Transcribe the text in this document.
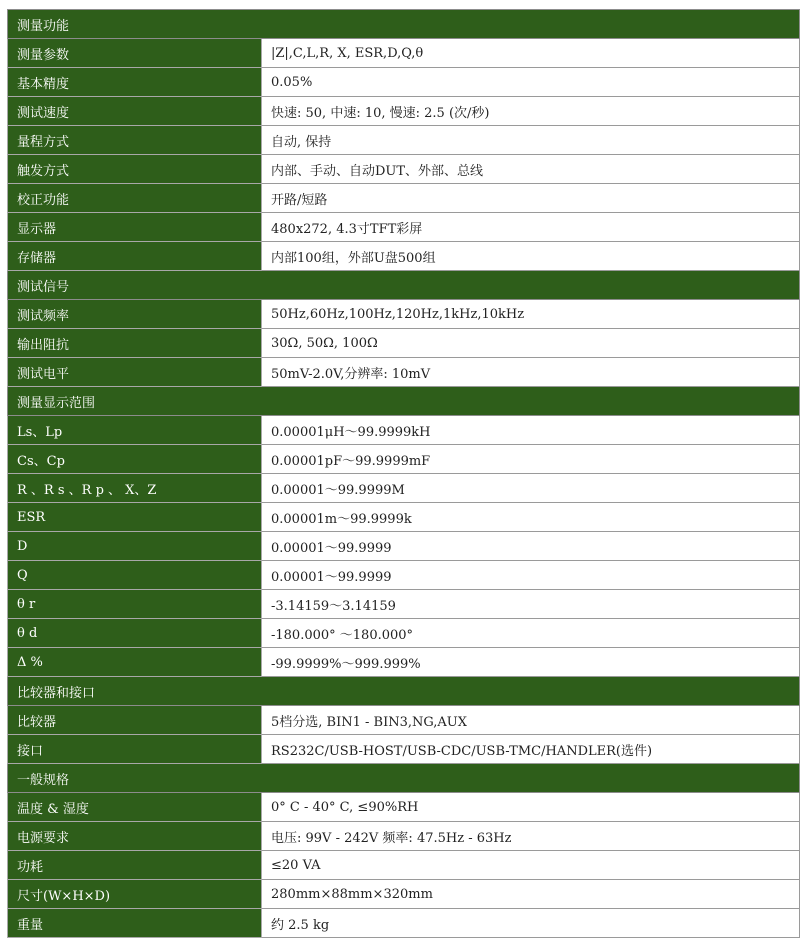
测量功能	
测量参数	|Z|,C,L,R, X, ESR,D,Q,θ
基本精度	0.05%
测试速度	快速: 50, 中速: 10, 慢速: 2.5 (次/秒)
量程方式	自动, 保持
触发方式	内部、手动、自动DUT、外部、总线
校正功能	开路/短路
显示器	480x272, 4.3寸TFT彩屏
存储器	内部100组，外部U盘500组
测试信号	
测试频率	50Hz,60Hz,100Hz,120Hz,1kHz,10kHz
输出阻抗	30Ω, 50Ω, 100Ω
测试电平	50mV-2.0V,分辨率: 10mV
测量显示范围	
Ls、Lp	0.00001μH～99.9999kH
Cs、Cp	0.00001pF～99.9999mF
R 、R s 、R p 、 X、Z	0.00001～99.9999M
ESR	0.00001m～99.9999k
D	0.00001～99.9999
Q	0.00001～99.9999
θ r	-3.14159～3.14159
θ d	-180.000° ～180.000°
Δ %	-99.9999%～999.999%
比较器和接口	
比较器	5档分选, BIN1 - BIN3,NG,AUX
接口	RS232C/USB-HOST/USB-CDC/USB-TMC/HANDLER(选件)
一般规格	
温度 & 湿度	0° C - 40° C, ≤90%RH
电源要求	电压: 99V - 242V 频率: 47.5Hz - 63Hz
功耗	≤20 VA
尺寸(W×H×D)	280mm×88mm×320mm
重量	约 2.5 kg
